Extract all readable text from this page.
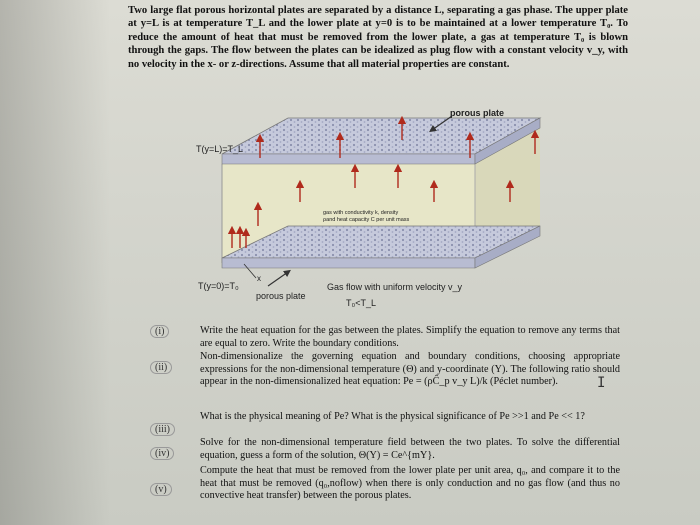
Two large flat porous horizontal plates are separated by a distance L, separating a gas phase. The upper plate at y=L is at temperature T_L and the lower plate at y=0 is to be maintained at a lower temperature T₀. To reduce the amount of heat that must be removed from the lower plate, a gas at temperature T₀ is blown through the gaps. The flow between the plates can be idealized as plug flow with a constant velocity v_y, with no velocity in the x- or z-directions. Assume that all material properties are constant.

porous plate
T(y=L)=T_L
gas with conductivity k, density
ρand heat capacity C per unit mass
x
T(y=0)=T₀
porous plate
Gas flow with uniform velocity v_y
T₀<T_L
(i)	Write the heat equation for the gas between the plates. Simplify the equation to remove any terms that are equal to zero. Write the boundary conditions.
(ii)
Non-dimensionalize the governing equation and boundary conditions, choosing appropriate expressions for the non-dimensional temperature (Θ) and y-coordinate (Y). The following ratio should appear in the non-dimensionalized heat equation: Pe = (ρĈ_p v_y L)/k (Péclet number).
(iii)
What is the physical meaning of Pe? What is the physical significance of Pe >>1 and Pe << 1?
(iv)
Solve for the non-dimensional temperature field between the two plates. To solve the differential equation, guess a form of the solution, Θ(Y) = Ce^{mY}.
(v)
Compute the heat that must be removed from the lower plate per unit area, q₀, and compare it to the heat that must be removed (q₀,noflow) when there is only conduction and no gas flow (and thus no convective heat transfer) between the porous plates.
I
